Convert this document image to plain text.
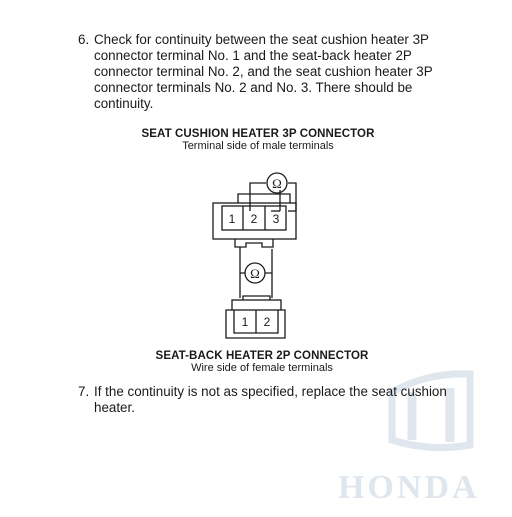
HONDA
6. Check for continuity between the seat cushion heater 3P connector terminal No. 1 and the seat-back heater 2P connector terminal No. 2, and the seat cushion heater 3P connector terminals No. 2 and No. 3. There should be continuity.
SEAT CUSHION HEATER 3P CONNECTOR
Terminal side of male terminals
1 2 3
1 2
Ω
Ω
SEAT-BACK HEATER 2P CONNECTOR
Wire side of female terminals
7. If the continuity is not as specified, replace the seat cushion heater.
